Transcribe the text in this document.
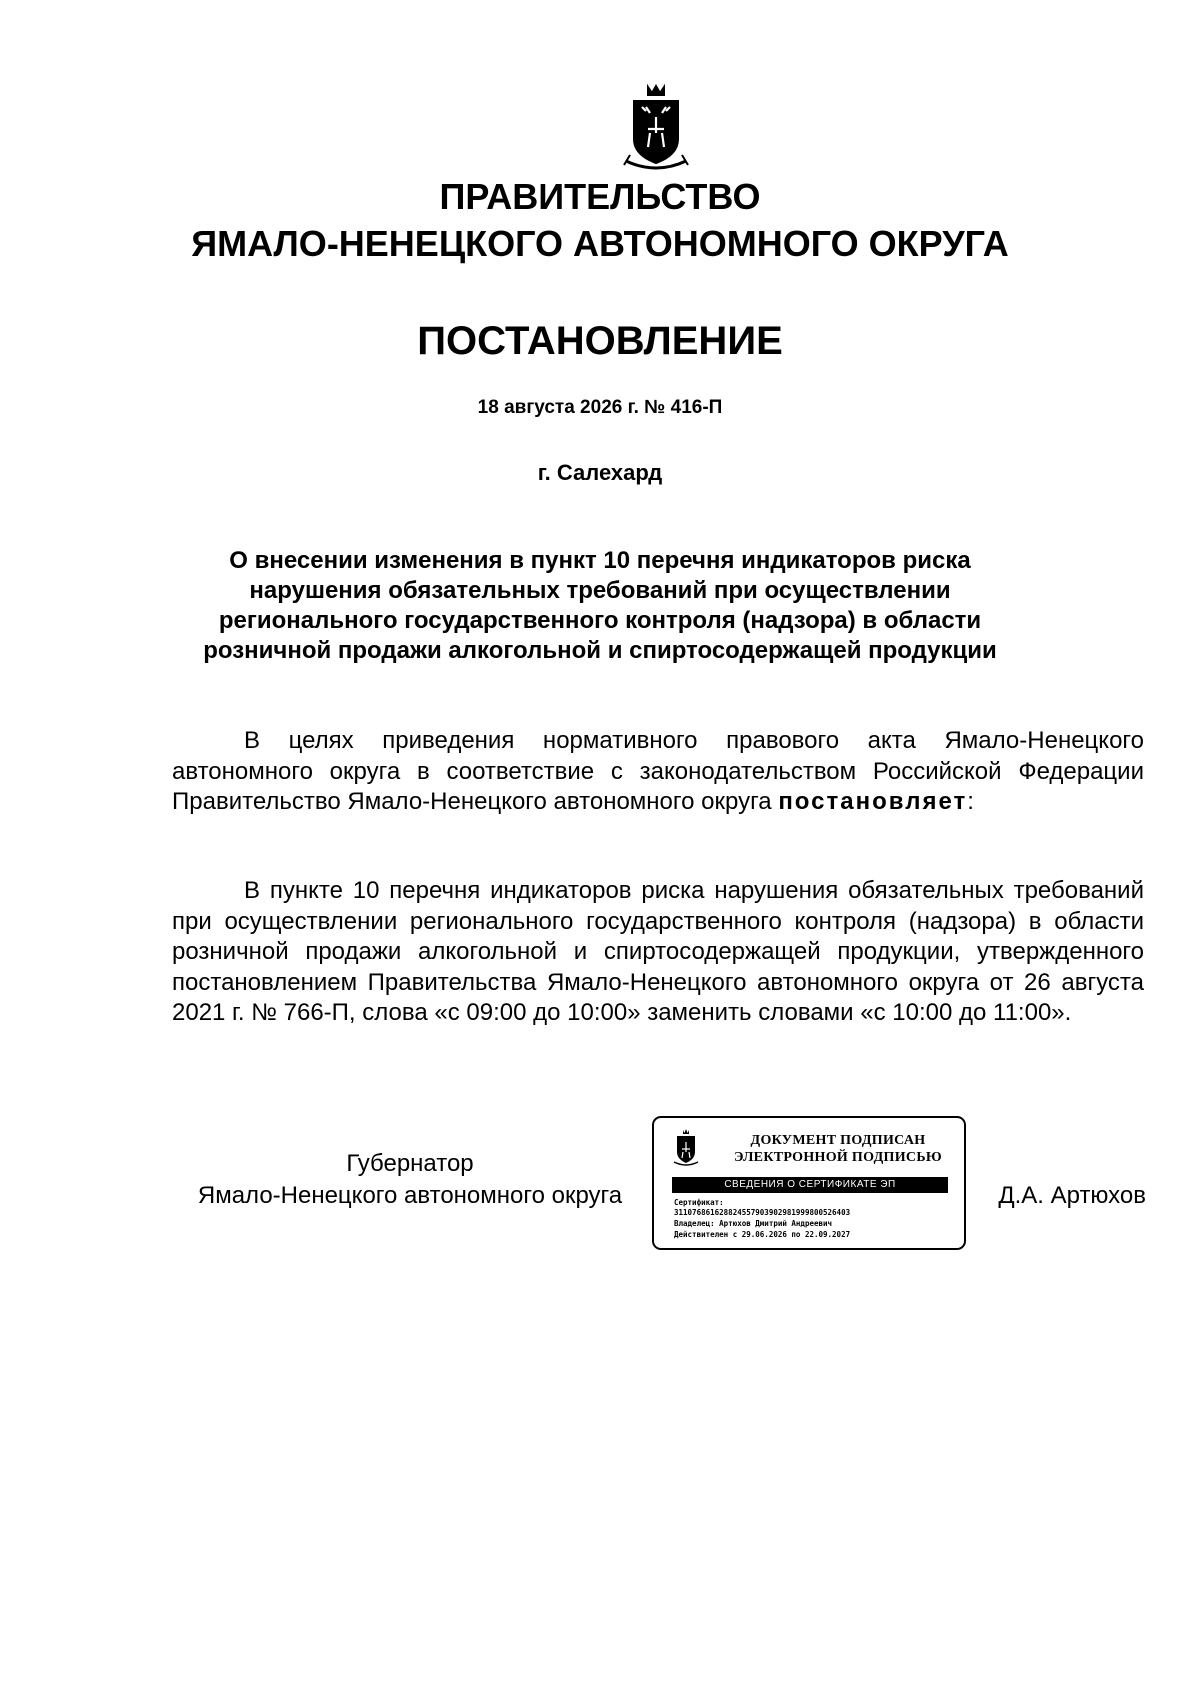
ПРАВИТЕЛЬСТВО
ЯМАЛО-НЕНЕЦКОГО АВТОНОМНОГО ОКРУГА
ПОСТАНОВЛЕНИЕ
18 августа 2026 г. № 416-П
г. Салехард
О внесении изменения в пункт 10 перечня индикаторов риска нарушения обязательных требований при осуществлении регионального государственного контроля (надзора) в области розничной продажи алкогольной и спиртосодержащей продукции
В целях приведения нормативного правового акта Ямало-Ненецкого автономного округа в соответствие с законодательством Российской Федерации Правительство Ямало-Ненецкого автономного округа постановляет:
В пункте 10 перечня индикаторов риска нарушения обязательных требований при осуществлении регионального государственного контроля (надзора) в области розничной продажи алкогольной и спиртосодержащей продукции, утвержденного постановлением Правительства Ямало-Ненецкого автономного округа от 26 августа 2021 г. № 766-П, слова «с 09:00 до 10:00» заменить словами «с 10:00 до 11:00».
Губернатор
Ямало-Ненецкого автономного округа	Д.А. Артюхов
ДОКУМЕНТ ПОДПИСАН
ЭЛЕКТРОННОЙ ПОДПИСЬЮ
СВЕДЕНИЯ О СЕРТИФИКАТЕ ЭП
Сертификат:
311076861628824557903902981999800526403
Владелец: Артюхов Дмитрий Андреевич
Действителен с 29.06.2026 по 22.09.2027
